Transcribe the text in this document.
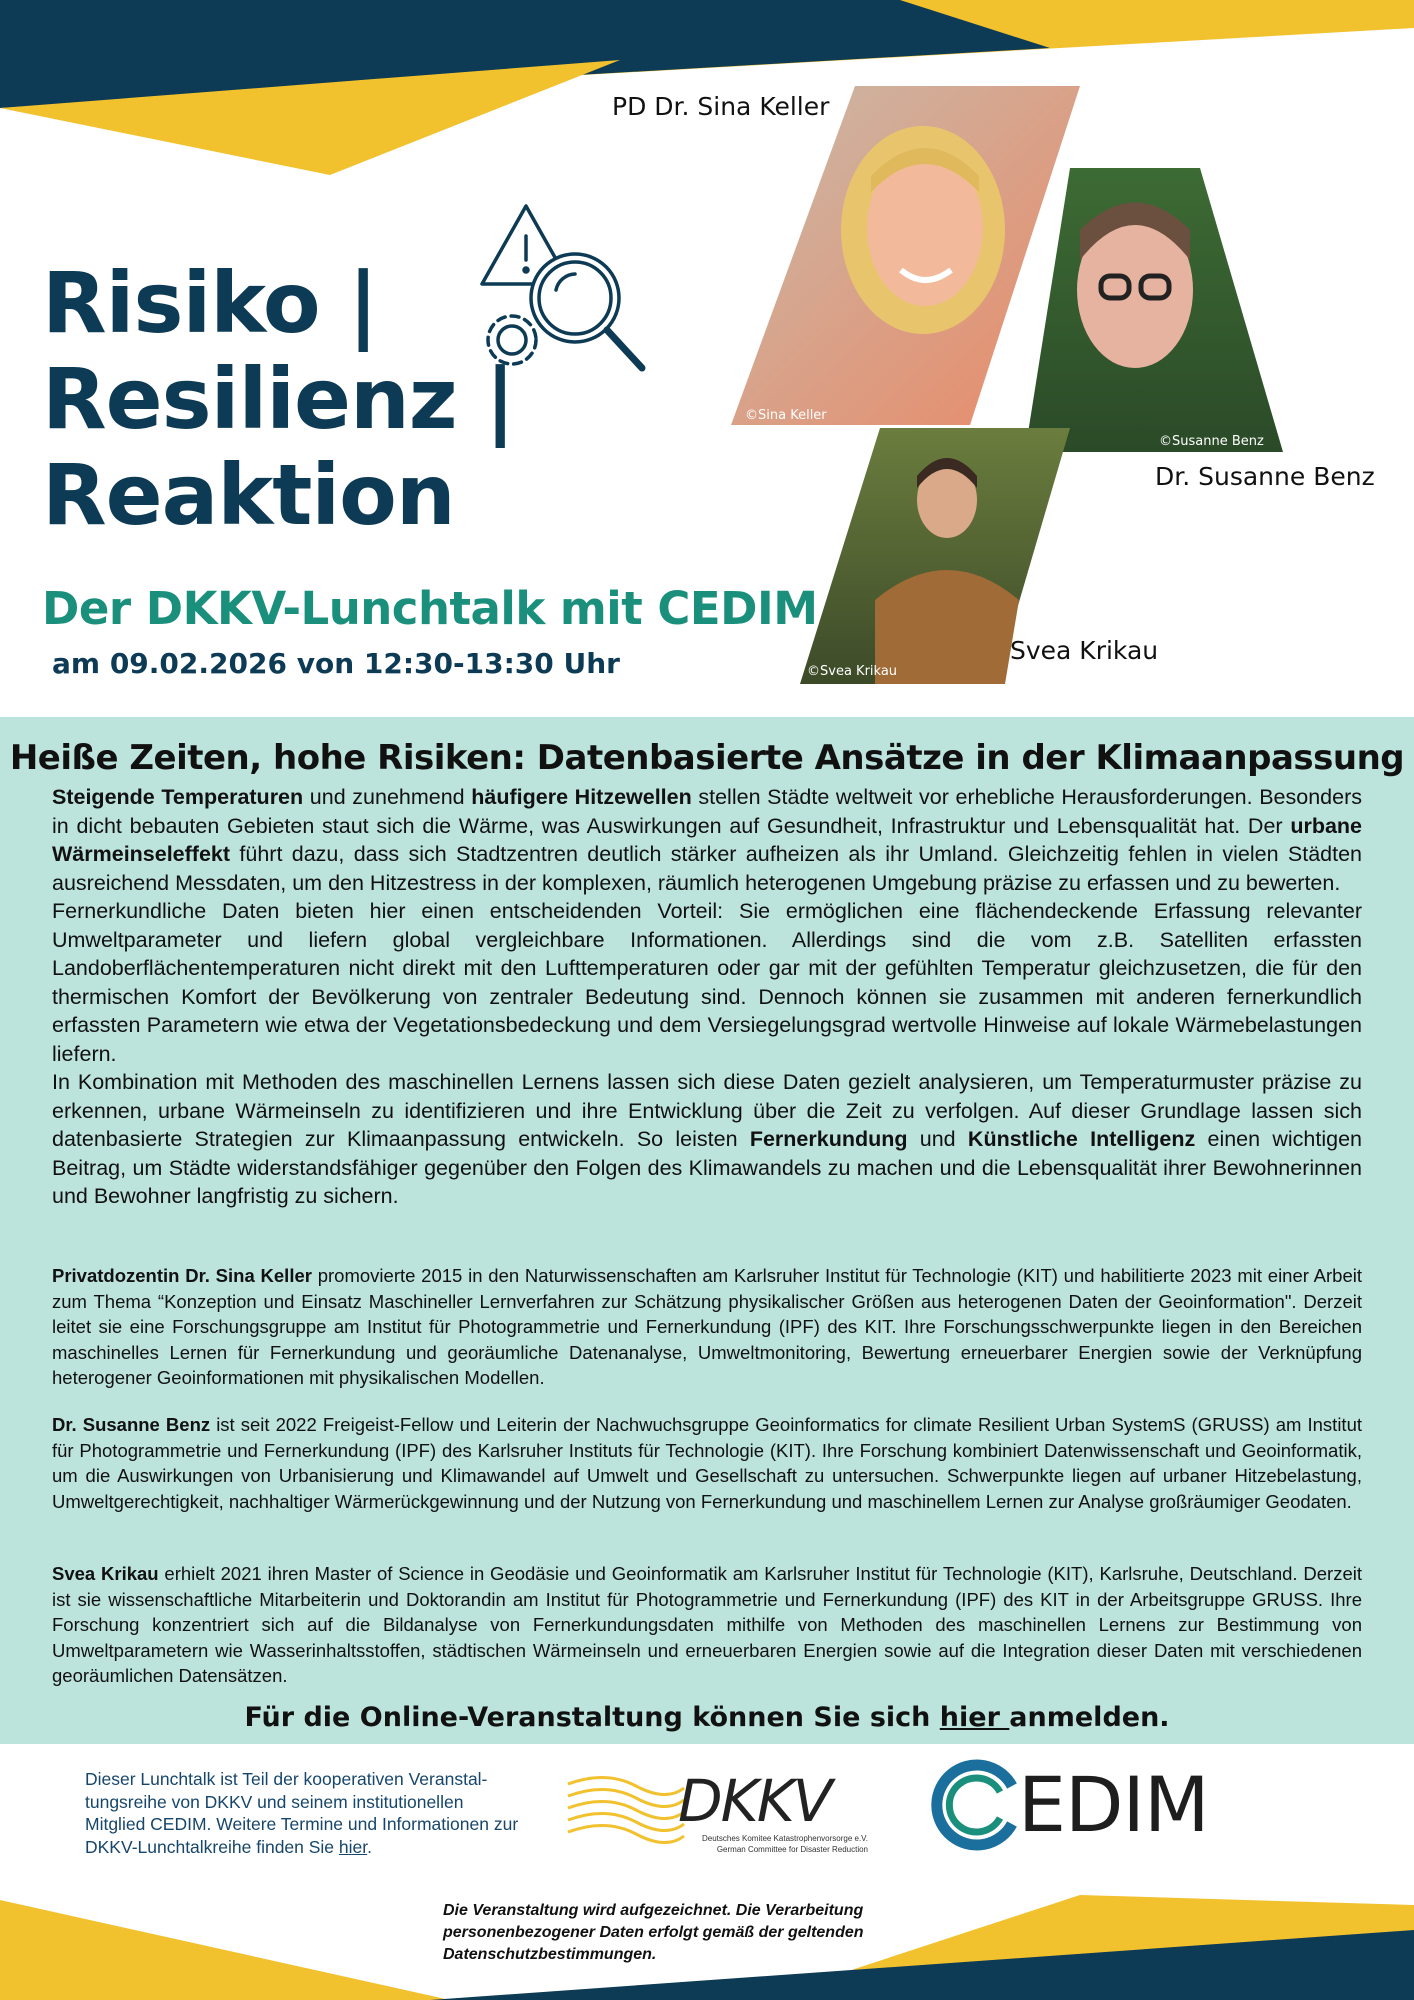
Risiko |
Resilienz |
Reaktion
Der DKKV-Lunchtalk mit CEDIM
am 09.02.2026 von 12:30-13:30 Uhr
PD Dr. Sina Keller
Dr. Susanne Benz
Svea Krikau
©Sina Keller
©Susanne Benz
©Svea Krikau
Heiße Zeiten, hohe Risiken: Datenbasierte Ansätze in der Klimaanpassung

Steigende Temperaturen und zunehmend häufigere Hitzewellen stellen Städte weltweit vor erhebliche Herausforderungen. Besonders in dicht bebauten Gebieten staut sich die Wärme, was Auswirkungen auf Gesundheit, Infrastruktur und Lebensqualität hat. Der urbane Wärmeinseleffekt führt dazu, dass sich Stadtzentren deutlich stärker aufheizen als ihr Umland. Gleichzeitig fehlen in vielen Städten ausreichend Messdaten, um den Hitzestress in der komplexen, räumlich heterogenen Umgebung präzise zu erfassen und zu bewerten.

Fernerkundliche Daten bieten hier einen entscheidenden Vorteil: Sie ermöglichen eine flächendeckende Erfassung relevanter Umweltparameter und liefern global vergleichbare Informationen. Allerdings sind die vom z.B. Satelliten erfassten Landoberflächentemperaturen nicht direkt mit den Lufttemperaturen oder gar mit der gefühlten Temperatur gleichzusetzen, die für den thermischen Komfort der Bevölkerung von zentraler Bedeutung sind. Dennoch können sie zusammen mit anderen fernerkundlich erfassten Parametern wie etwa der Vegetationsbedeckung und dem Versiegelungsgrad wertvolle Hinweise auf lokale Wärmebelastungen liefern.

In Kombination mit Methoden des maschinellen Lernens lassen sich diese Daten gezielt analysieren, um Temperaturmuster präzise zu erkennen, urbane Wärmeinseln zu identifizieren und ihre Entwicklung über die Zeit zu verfolgen. Auf dieser Grundlage lassen sich datenbasierte Strategien zur Klimaanpassung entwickeln. So leisten Fernerkundung und Künstliche Intelligenz einen wichtigen Beitrag, um Städte widerstandsfähiger gegenüber den Folgen des Klimawandels zu machen und die Lebensqualität ihrer Bewohnerinnen und Bewohner langfristig zu sichern.

Privatdozentin Dr. Sina Keller promovierte 2015 in den Naturwissenschaften am Karlsruher Institut für Technologie (KIT) und habilitierte 2023 mit einer Arbeit zum Thema “Konzeption und Einsatz Maschineller Lernverfahren zur Schätzung physikalischer Größen aus heterogenen Daten der Geoinformation". Derzeit leitet sie eine Forschungsgruppe am Institut für Photogrammetrie und Fernerkundung (IPF) des KIT. Ihre Forschungsschwerpunkte liegen in den Bereichen maschinelles Lernen für Fernerkundung und georäumliche Datenanalyse, Umweltmonitoring, Bewertung erneuerbarer Energien sowie der Verknüpfung heterogener Geoinformationen mit physikalischen Modellen.

Dr. Susanne Benz ist seit 2022 Freigeist-Fellow und Leiterin der Nachwuchsgruppe Geoinformatics for climate Resilient Urban SystemS (GRUSS) am Institut für Photogrammetrie und Fernerkundung (IPF) des Karlsruher Instituts für Technologie (KIT). Ihre Forschung kombiniert Datenwissenschaft und Geoinformatik, um die Auswirkungen von Urbanisierung und Klimawandel auf Umwelt und Gesellschaft zu untersuchen. Schwerpunkte liegen auf urbaner Hitzebelastung, Umweltgerechtigkeit, nachhaltiger Wärmerückgewinnung und der Nutzung von Fernerkundung und maschinellem Lernen zur Analyse großräumiger Geodaten.

Svea Krikau erhielt 2021 ihren Master of Science in Geodäsie und Geoinformatik am Karlsruher Institut für Technologie (KIT), Karlsruhe, Deutschland. Derzeit ist sie wissenschaftliche Mitarbeiterin und Doktorandin am Institut für Photogrammetrie und Fernerkundung (IPF) des KIT in der Arbeitsgruppe GRUSS. Ihre Forschung konzentriert sich auf die Bildanalyse von Fernerkundungsdaten mithilfe von Methoden des maschinellen Lernens zur Bestimmung von Umweltparametern wie Wasserinhaltsstoffen, städtischen Wärmeinseln und erneuerbaren Energien sowie auf die Integration dieser Daten mit verschiedenen georäumlichen Datensätzen.

Für die Online-Veranstaltung können Sie sich hier anmelden.
Dieser Lunchtalk ist Teil der kooperativen Veranstal-tungsreihe von DKKV und seinem institutionellen Mitglied CEDIM. Weitere Termine und Informationen zur DKKV-Lunchtalkreihe finden Sie hier.
DKKV
Deutsches Komitee Katastrophenvorsorge e.V.
German Committee for Disaster Reduction
EDIM
Die Veranstaltung wird aufgezeichnet. Die Verarbeitung personenbezogener Daten erfolgt gemäß der geltenden Datenschutzbestimmungen.
